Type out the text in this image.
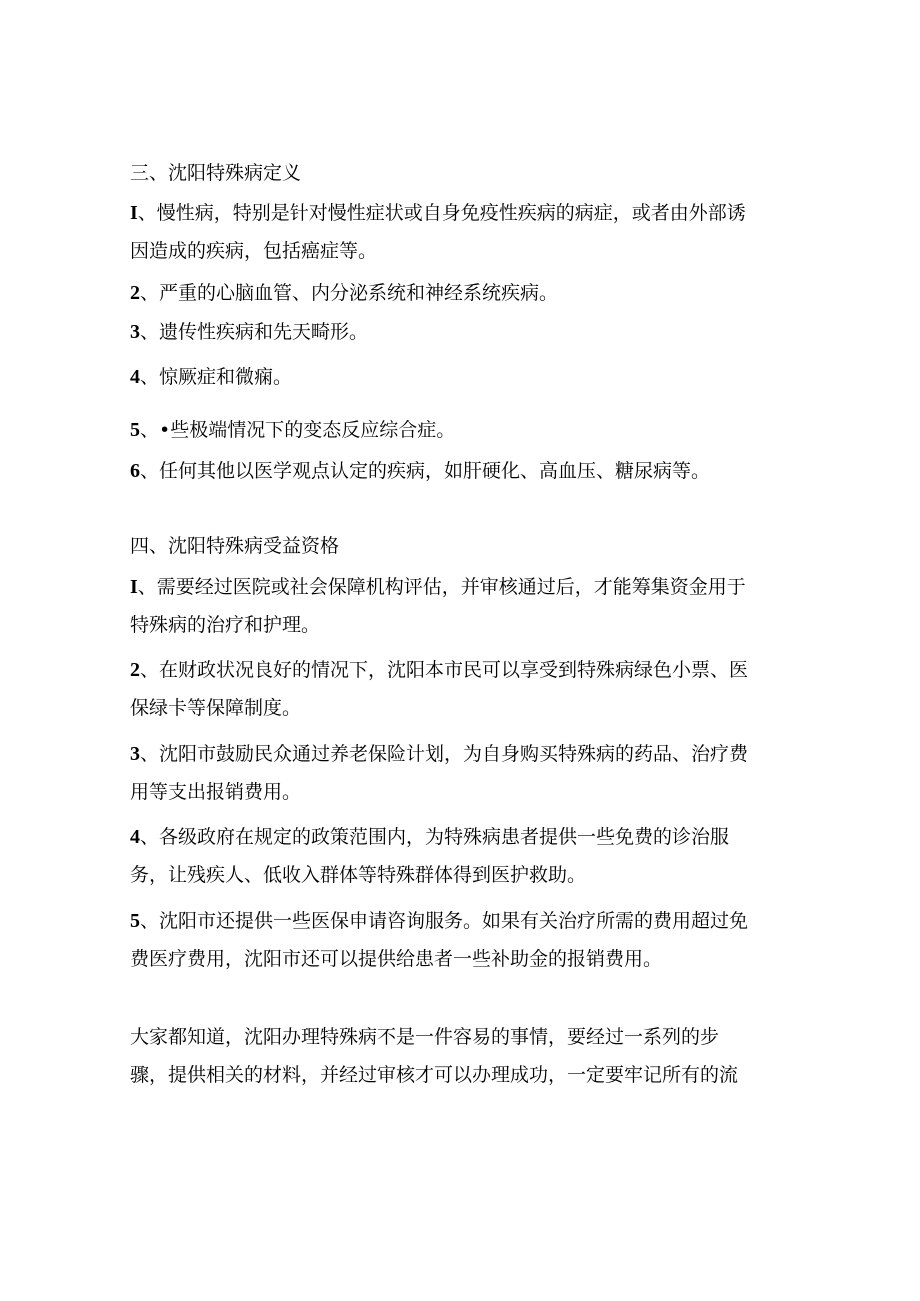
三、沈阳特殊病定义

I、慢性病，特别是针对慢性症状或自身免疫性疾病的病症，或者由外部诱
因造成的疾病，包括癌症等。

2、严重的心脑血管、内分泌系统和神经系统疾病。

3、遗传性疾病和先天畸形。

4、惊厥症和微痫。

5、•些极端情况下的变态反应综合症。

6、任何其他以医学观点认定的疾病，如肝硬化、高血压、糖尿病等。

四、沈阳特殊病受益资格

I、需要经过医院或社会保障机构评估，并审核通过后，才能筹集资金用于
特殊病的治疗和护理。

2、在财政状况良好的情况下，沈阳本市民可以享受到特殊病绿色小票、医
保绿卡等保障制度。

3、沈阳市鼓励民众通过养老保险计划，为自身购买特殊病的药品、治疗费
用等支出报销费用。

4、各级政府在规定的政策范围内，为特殊病患者提供一些免费的诊治服
务，让残疾人、低收入群体等特殊群体得到医护救助。

5、沈阳市还提供一些医保申请咨询服务。如果有关治疗所需的费用超过免
费医疗费用，沈阳市还可以提供给患者一些补助金的报销费用。

大家都知道，沈阳办理特殊病不是一件容易的事情，要经过一系列的步
骤，提供相关的材料，并经过审核才可以办理成功，一定要牢记所有的流
